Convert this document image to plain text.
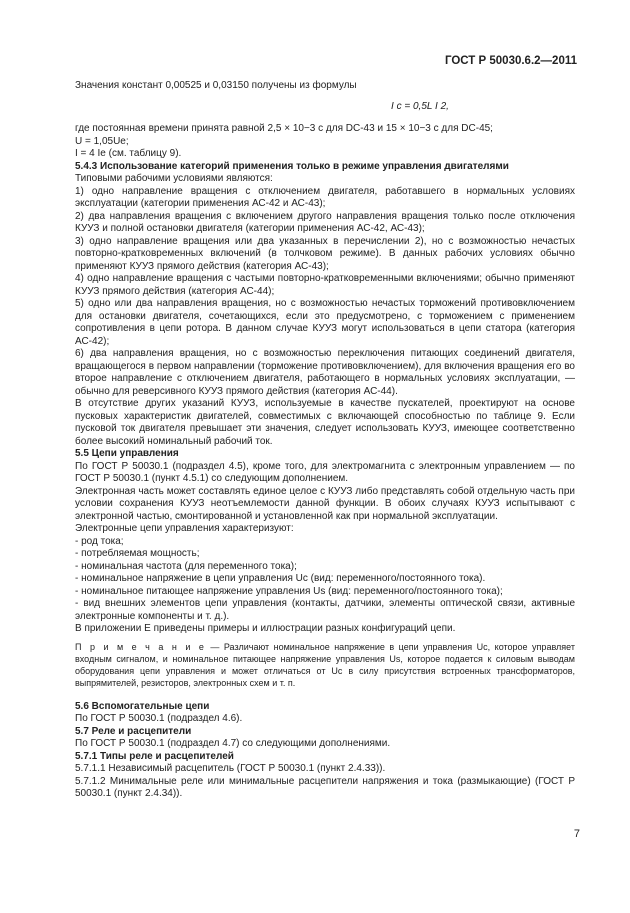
ГОСТ Р 50030.6.2—2011

Значения констант 0,00525 и 0,03150 получены из формулы

I c = 0,5L I 2,

где постоянная времени принята равной 2,5 × 10−3 с для DC-43 и 15 × 10−3 с для DC-45;

U = 1,05Ue;

I = 4 Ie (см. таблицу 9).

5.4.3 Использование категорий применения только в режиме управления двигателями

Типовыми рабочими условиями являются:

1) одно направление вращения с отключением двигателя, работавшего в нормальных условиях эксплуатации (категории применения АС-42 и АС-43);

2) два направления вращения с включением другого направления вращения только после отключения КУУЗ и полной остановки двигателя (категории применения АС-42, АС-43);

3) одно направление вращения или два указанных в перечислении 2), но с возможностью нечастых повторно-кратковременных включений (в толчковом режиме). В данных рабочих условиях обычно применяют КУУЗ прямого действия (категория АС-43);

4) одно направление вращения с частыми повторно-кратковременными включениями; обычно применяют КУУЗ прямого действия (категория АС-44);

5) одно или два направления вращения, но с возможностью нечастых торможений противовключением для остановки двигателя, сочетающихся, если это предусмотрено, с торможением с применением сопротивления в цепи ротора. В данном случае КУУЗ могут использоваться в цепи статора (категория АС-42);

6) два направления вращения, но с возможностью переключения питающих соединений двигателя, вращающегося в первом направлении (торможение противовключением), для включения вращения его во второе направление с отключением двигателя, работающего в нормальных условиях эксплуатации, — обычно для реверсивного КУУЗ прямого действия (категория АС-44).

В отсутствие других указаний КУУЗ, используемые в качестве пускателей, проектируют на основе пусковых характеристик двигателей, совместимых с включающей способностью по таблице 9. Если пусковой ток двигателя превышает эти значения, следует использовать КУУЗ, имеющее соответственно более высокий номинальный рабочий ток.

5.5 Цепи управления

По ГОСТ Р 50030.1 (подраздел 4.5), кроме того, для электромагнита с электронным управлением — по ГОСТ Р 50030.1 (пункт 4.5.1) со следующим дополнением.

Электронная часть может составлять единое целое с КУУЗ либо представлять собой отдельную часть при условии сохранения КУУЗ неотъемлемости данной функции. В обоих случаях КУУЗ испытывают с электронной частью, смонтированной и установленной как при нормальной эксплуатации.

Электронные цепи управления характеризуют:

- род тока;

- потребляемая мощность;

- номинальная частота (для переменного тока);

- номинальное напряжение в цепи управления Uc (вид: переменного/постоянного тока).

- номинальное питающее напряжение управления Us (вид: переменного/постоянного тока);

- вид внешних элементов цепи управления (контакты, датчики, элементы оптической связи, активные электронные компоненты и т. д.).

В приложении Е приведены примеры и иллюстрации разных конфигураций цепи.

П р и м е ч а н и е — Различают номинальное напряжение в цепи управления Uc, которое управляет входным сигналом, и номинальное питающее напряжение управления Us, которое подается к силовым выводам оборудования цепи управления и может отличаться от Uc в силу присутствия встроенных трансформаторов, выпрямителей, резисторов, электронных схем и т. п.

5.6 Вспомогательные цепи

По ГОСТ Р 50030.1 (подраздел 4.6).

5.7 Реле и расцепители

По ГОСТ Р 50030.1 (подраздел 4.7) со следующими дополнениями.

5.7.1 Типы реле и расцепителей

5.7.1.1 Независимый расцепитель (ГОСТ Р 50030.1 (пункт 2.4.33)).

5.7.1.2 Минимальные реле или минимальные расцепители напряжения и тока (размыкающие) (ГОСТ Р 50030.1 (пункт 2.4.34)).

7
